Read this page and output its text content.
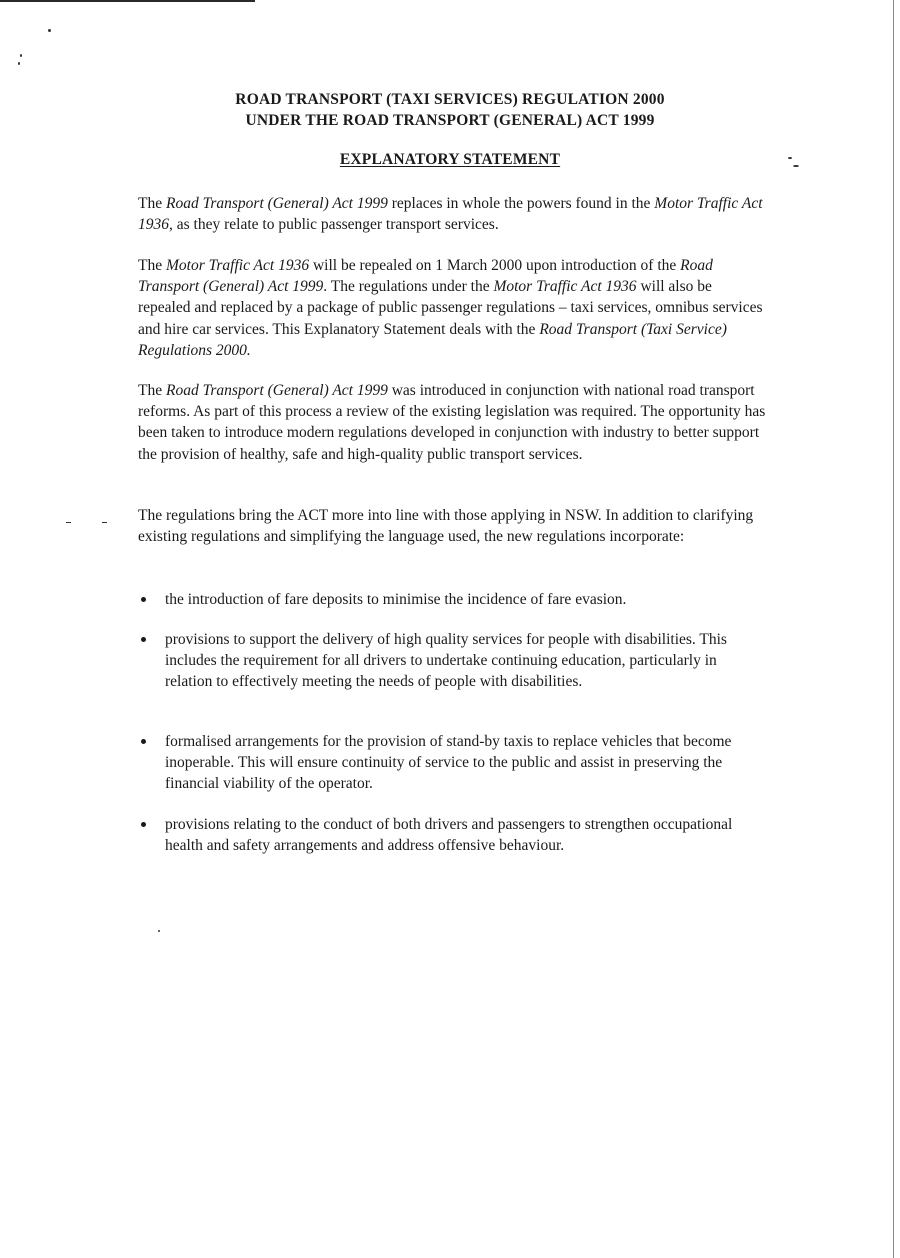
ROAD TRANSPORT (TAXI SERVICES) REGULATION 2000
UNDER THE ROAD TRANSPORT (GENERAL) ACT 1999
EXPLANATORY STATEMENT

The Road Transport (General) Act 1999 replaces in whole the powers found in the Motor Traffic Act 1936, as they relate to public passenger transport services.

The Motor Traffic Act 1936 will be repealed on 1 March 2000 upon introduction of the Road Transport (General) Act 1999. The regulations under the Motor Traffic Act 1936 will also be repealed and replaced by a package of public passenger regulations – taxi services, omnibus services and hire car services. This Explanatory Statement deals with the Road Transport (Taxi Service) Regulations 2000.

The Road Transport (General) Act 1999 was introduced in conjunction with national road transport reforms. As part of this process a review of the existing legislation was required. The opportunity has been taken to introduce modern regulations developed in conjunction with industry to better support the provision of healthy, safe and high-quality public transport services.

The regulations bring the ACT more into line with those applying in NSW. In addition to clarifying existing regulations and simplifying the language used, the new regulations incorporate:

the introduction of fare deposits to minimise the incidence of fare evasion.

provisions to support the delivery of high quality services for people with disabilities. This includes the requirement for all drivers to undertake continuing education, particularly in relation to effectively meeting the needs of people with disabilities.

formalised arrangements for the provision of stand-by taxis to replace vehicles that become inoperable. This will ensure continuity of service to the public and assist in preserving the financial viability of the operator.

provisions relating to the conduct of both drivers and passengers to strengthen occupational health and safety arrangements and address offensive behaviour.
